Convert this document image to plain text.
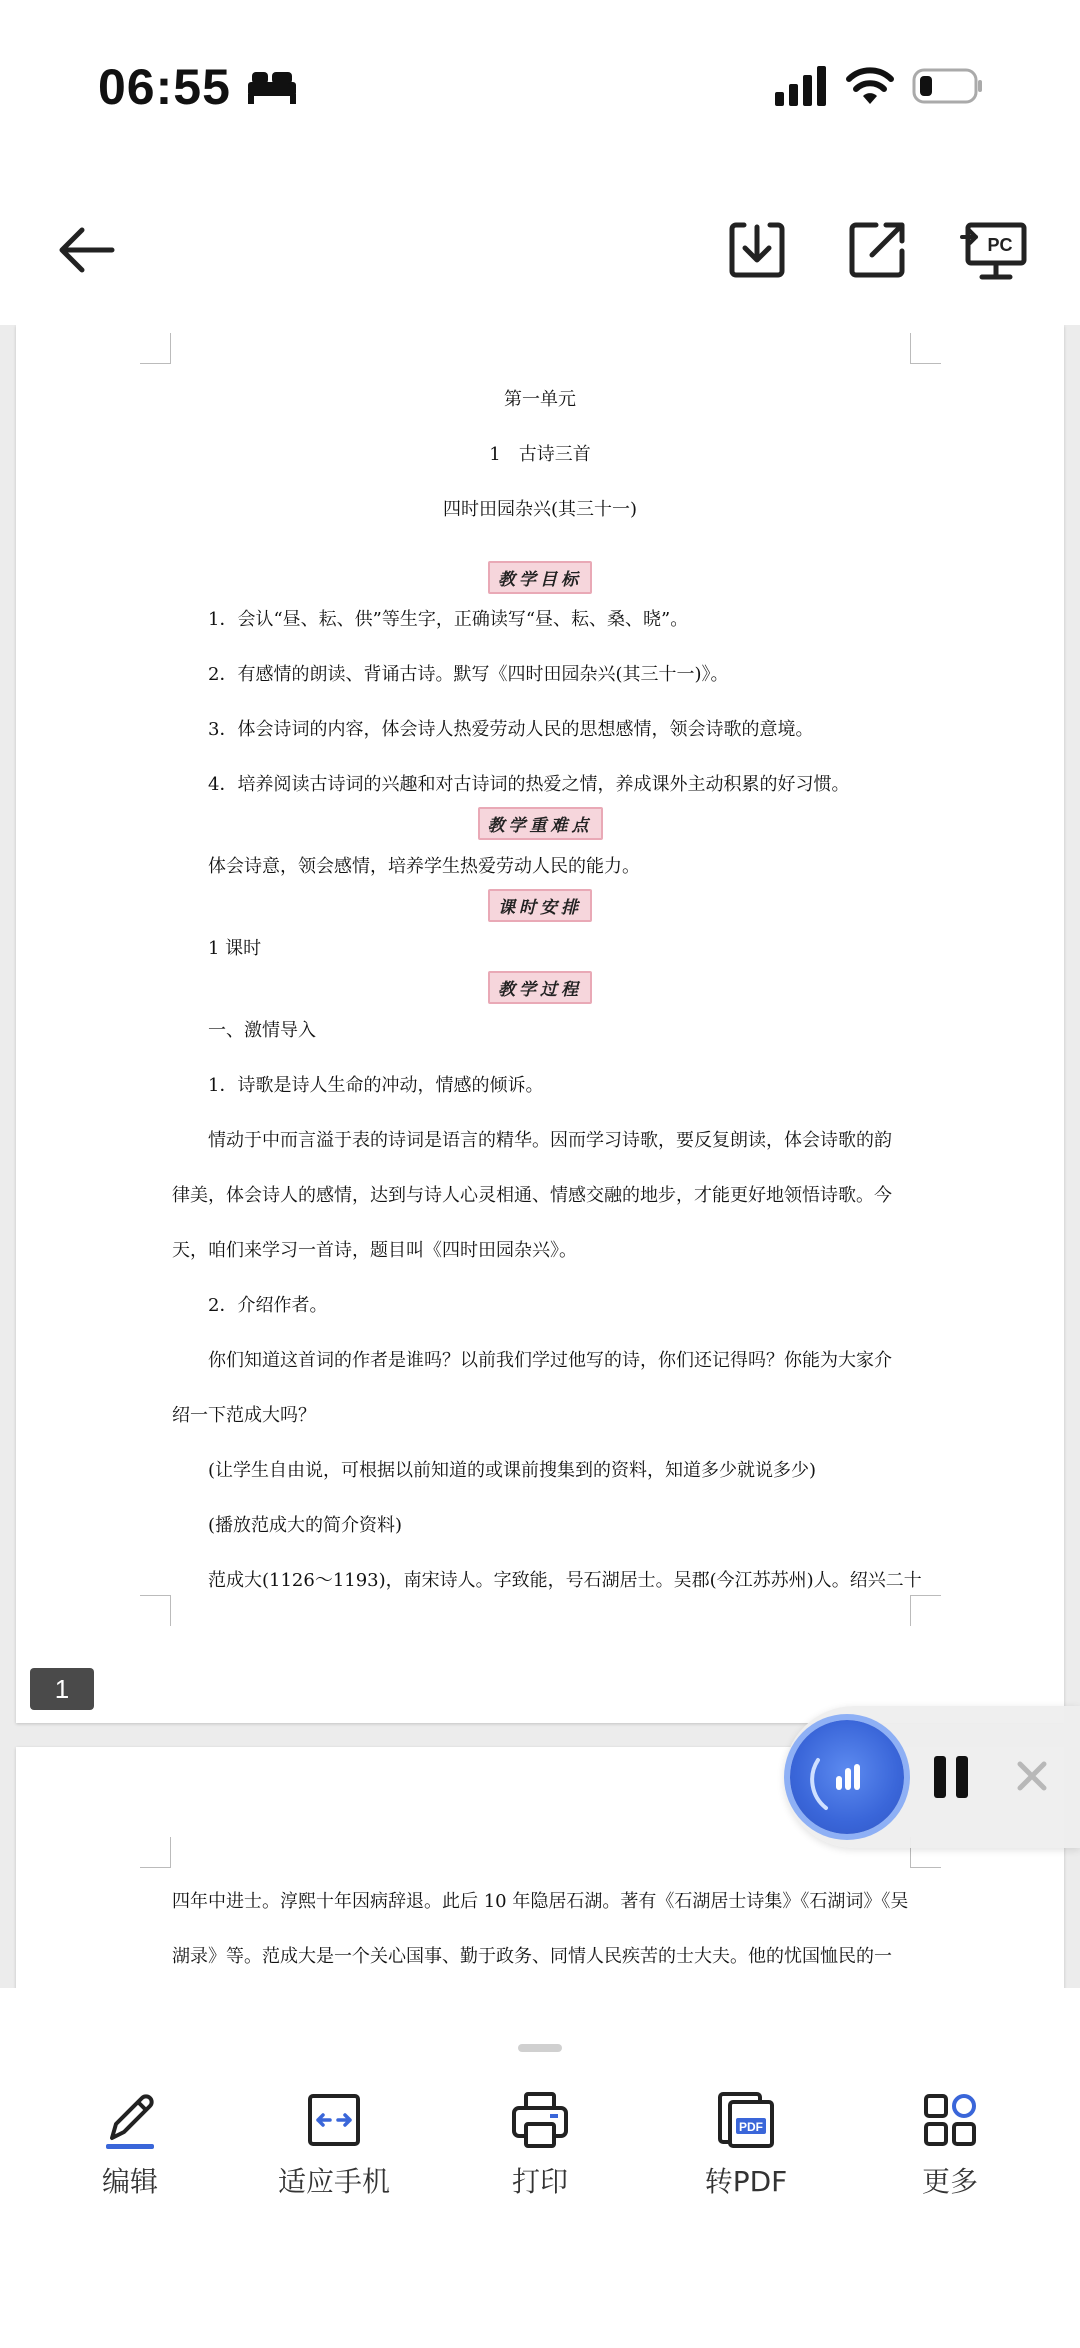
06:55
PC
第一单元
1　古诗三首
四时田园杂兴(其三十一)
教学目标
1．会认“昼、耘、供”等生字，正确读写“昼、耘、桑、晓”。
2．有感情的朗读、背诵古诗。默写《四时田园杂兴(其三十一)》。
3．体会诗词的内容，体会诗人热爱劳动人民的思想感情，领会诗歌的意境。
4．培养阅读古诗词的兴趣和对古诗词的热爱之情，养成课外主动积累的好习惯。
教学重难点
体会诗意，领会感情，培养学生热爱劳动人民的能力。
课时安排
1 课时
教学过程
一、激情导入
1．诗歌是诗人生命的冲动，情感的倾诉。
情动于中而言溢于表的诗词是语言的精华。因而学习诗歌，要反复朗读，体会诗歌的韵
律美，体会诗人的感情，达到与诗人心灵相通、情感交融的地步，才能更好地领悟诗歌。今
天，咱们来学习一首诗，题目叫《四时田园杂兴》。
2．介绍作者。
你们知道这首词的作者是谁吗？以前我们学过他写的诗，你们还记得吗？你能为大家介
绍一下范成大吗？
(让学生自由说，可根据以前知道的或课前搜集到的资料，知道多少就说多少)
(播放范成大的简介资料)
范成大(1126～1193)，南宋诗人。字致能，号石湖居士。吴郡(今江苏苏州)人。绍兴二十
1
四年中进士。淳熙十年因病辞退。此后 10 年隐居石湖。著有《石湖居士诗集》《石湖词》《吴
湖录》等。范成大是一个关心国事、勤于政务、同情人民疾苦的士大夫。他的忧国恤民的一
编辑	适应手机	打印
PDF
转PDF	更多
